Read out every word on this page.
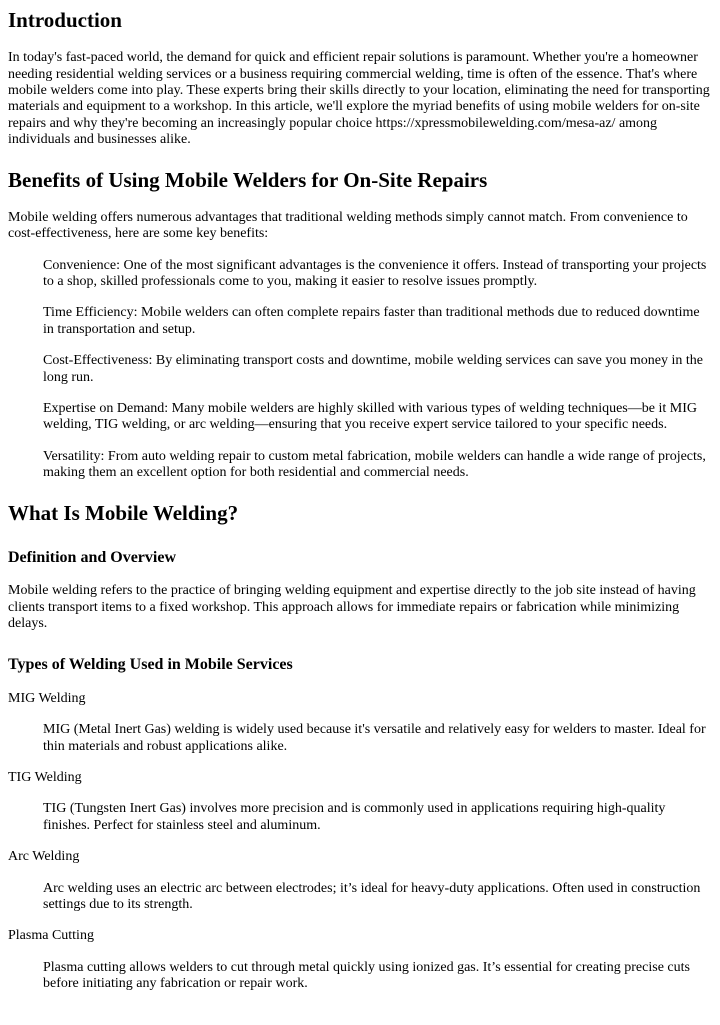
Introduction

In today's fast-paced world, the demand for quick and efficient repair solutions is paramount. Whether you're a homeowner needing residential welding services or a business requiring commercial welding, time is often of the essence. That's where mobile welders come into play. These experts bring their skills directly to your location, eliminating the need for transporting materials and equipment to a workshop. In this article, we'll explore the myriad benefits of using mobile welders for on-site repairs and why they're becoming an increasingly popular choice https://xpressmobilewelding.com/mesa-az/ among individuals and businesses alike.

Benefits of Using Mobile Welders for On-Site Repairs

Mobile welding offers numerous advantages that traditional welding methods simply cannot match. From convenience to cost-effectiveness, here are some key benefits:

Convenience: One of the most significant advantages is the convenience it offers. Instead of transporting your projects to a shop, skilled professionals come to you, making it easier to resolve issues promptly.
Time Efficiency: Mobile welders can often complete repairs faster than traditional methods due to reduced downtime in transportation and setup.
Cost-Effectiveness: By eliminating transport costs and downtime, mobile welding services can save you money in the long run.
Expertise on Demand: Many mobile welders are highly skilled with various types of welding techniques—be it MIG welding, TIG welding, or arc welding—ensuring that you receive expert service tailored to your specific needs.
Versatility: From auto welding repair to custom metal fabrication, mobile welders can handle a wide range of projects, making them an excellent option for both residential and commercial needs.
What Is Mobile Welding?
Definition and Overview

Mobile welding refers to the practice of bringing welding equipment and expertise directly to the job site instead of having clients transport items to a fixed workshop. This approach allows for immediate repairs or fabrication while minimizing delays.

Types of Welding Used in Mobile Services
MIG Welding
MIG (Metal Inert Gas) welding is widely used because it's versatile and relatively easy for welders to master. Ideal for thin materials and robust applications alike.
TIG Welding
TIG (Tungsten Inert Gas) involves more precision and is commonly used in applications requiring high-quality finishes. Perfect for stainless steel and aluminum.
Arc Welding
Arc welding uses an electric arc between electrodes; it’s ideal for heavy-duty applications. Often used in construction settings due to its strength.
Plasma Cutting
Plasma cutting allows welders to cut through metal quickly using ionized gas. It’s essential for creating precise cuts before initiating any fabrication or repair work.
